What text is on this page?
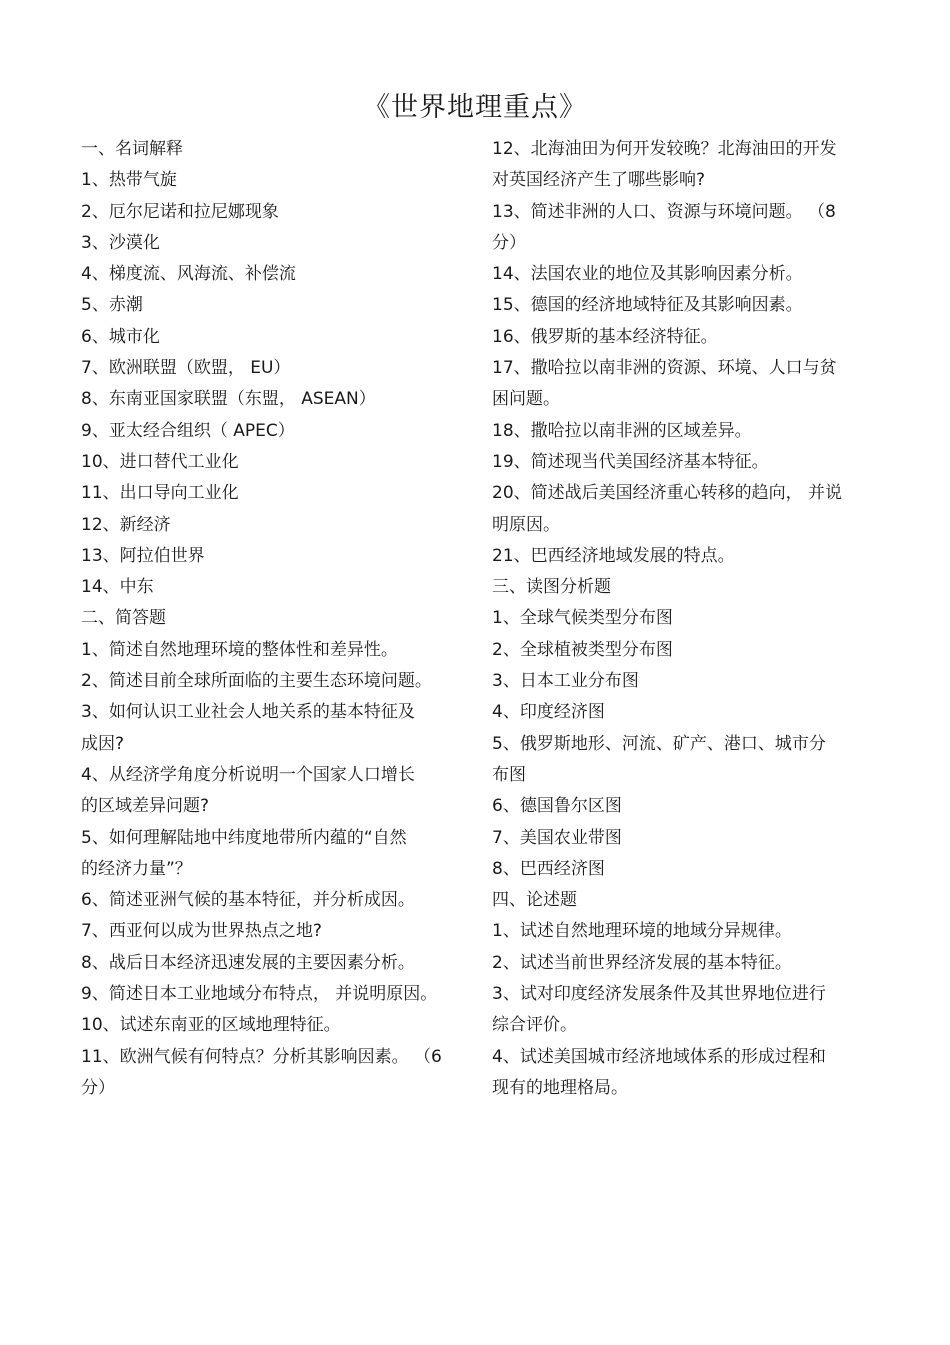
《世界地理重点》
一、名词解释
1、热带气旋
2、厄尔尼诺和拉尼娜现象
3、沙漠化
4、梯度流、风海流、补偿流
5、赤潮
6、城市化
7、欧洲联盟（欧盟， EU）
8、东南亚国家联盟（东盟， ASEAN）
9、亚太经合组织（ APEC）
10、进口替代工业化
11、出口导向工业化
12、新经济
13、阿拉伯世界
14、中东
二、简答题
1、简述自然地理环境的整体性和差异性。
2、简述目前全球所面临的主要生态环境问题。
3、如何认识工业社会人地关系的基本特征及
成因?
4、从经济学角度分析说明一个国家人口增长
的区域差异问题?
5、如何理解陆地中纬度地带所内蕴的“自然
的经济力量”？
6、简述亚洲气候的基本特征，并分析成因。
7、西亚何以成为世界热点之地?
8、战后日本经济迅速发展的主要因素分析。
9、简述日本工业地域分布特点， 并说明原因。
10、试述东南亚的区域地理特征。
11、欧洲气候有何特点？分析其影响因素。 （6
分）
12、北海油田为何开发较晚？北海油田的开发
对英国经济产生了哪些影响?
13、简述非洲的人口、资源与环境问题。 （8
分）
14、法国农业的地位及其影响因素分析。
15、德国的经济地域特征及其影响因素。
16、俄罗斯的基本经济特征。
17、撒哈拉以南非洲的资源、环境、人口与贫
困问题。
18、撒哈拉以南非洲的区域差异。
19、简述现当代美国经济基本特征。
20、简述战后美国经济重心转移的趋向， 并说
明原因。
21、巴西经济地域发展的特点。
三、读图分析题
1、全球气候类型分布图
2、全球植被类型分布图
3、日本工业分布图
4、印度经济图
5、俄罗斯地形、河流、矿产、港口、城市分
布图
6、德国鲁尔区图
7、美国农业带图
8、巴西经济图
四、论述题
1、试述自然地理环境的地域分异规律。
2、试述当前世界经济发展的基本特征。
3、试对印度经济发展条件及其世界地位进行
综合评价。
4、试述美国城市经济地域体系的形成过程和
现有的地理格局。
